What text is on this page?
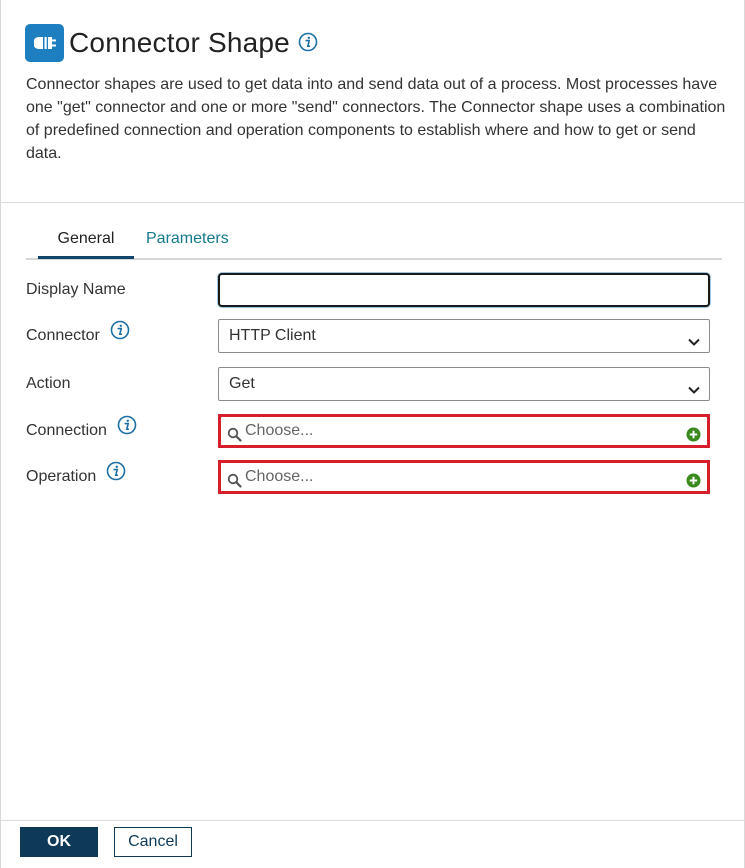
Connector Shape

Connector shapes are used to get data into and send data out of a process. Most processes have one "get" connector and one or more "send" connectors. The Connector shape uses a combination of predefined connection and operation components to establish where and how to get or send data.

General	Parameters
Display Name
Connector	HTTP Client
Action	Get
Connection	Choose...
Operation	Choose...
OK	Cancel
